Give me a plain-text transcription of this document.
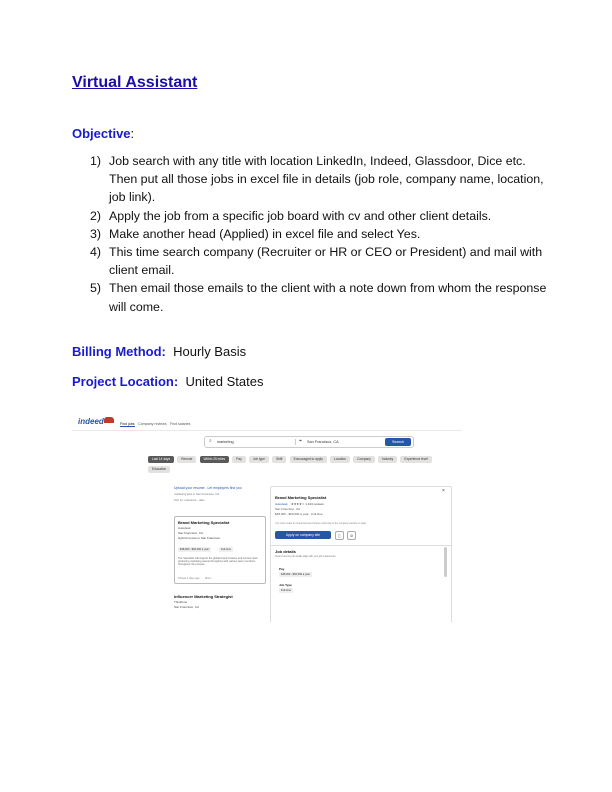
Virtual Assistant
Objective:
1) Job search with any title with location LinkedIn, Indeed, Glassdoor, Dice etc. Then put all those jobs in excel file in details (job role, company name, location, job link).
2) Apply the job from a specific job board with cv and other client details.
3) Make another head (Applied) in excel file and select Yes.
4) This time search company (Recruiter or HR or CEO or President) and mail with client email.
5) Then email those emails to the client with a note down from whom the response will come.
Billing Method: Hourly Basis
Project Location: United States
indeed	Find jobs Company reviews Find salaries
⌕ marketing	⌖ San Francisco, CA	Search
Last 14 days	Remote	Within 25 miles	Pay	Job type	Shift	Encouraged to apply	Location	Company	Industry	Experience level Education
Upload your resume - Let employers find you
marketing jobs in San Francisco, CA
Sort by: relevance - date
Brand Marketing Specialist
Autodesk
San Francisco, CA
Hybrid remote in San Francisco
$48,000 - $60,000 a year	Full-time
The Specialist will support the global brand creative and content team producing marketing assets throughout with various team members throughout the process
Posted 4 days ago More...
Influencer Marketing Strategist
Thinkfone
San Francisco, CA
×
Brand Marketing Specialist
Autodesk ★★★★☆ 1,423 reviews
San Francisco, CA
$48,000 - $60,000 a year - Full-time
You must create an Indeed account before continuing to the company website to apply
Apply on company site	▯	⊘
Job details
Here's how the job details align with your job preferences.
Pay
$48,000 - $60,000 a year
Job Type
Full-time
